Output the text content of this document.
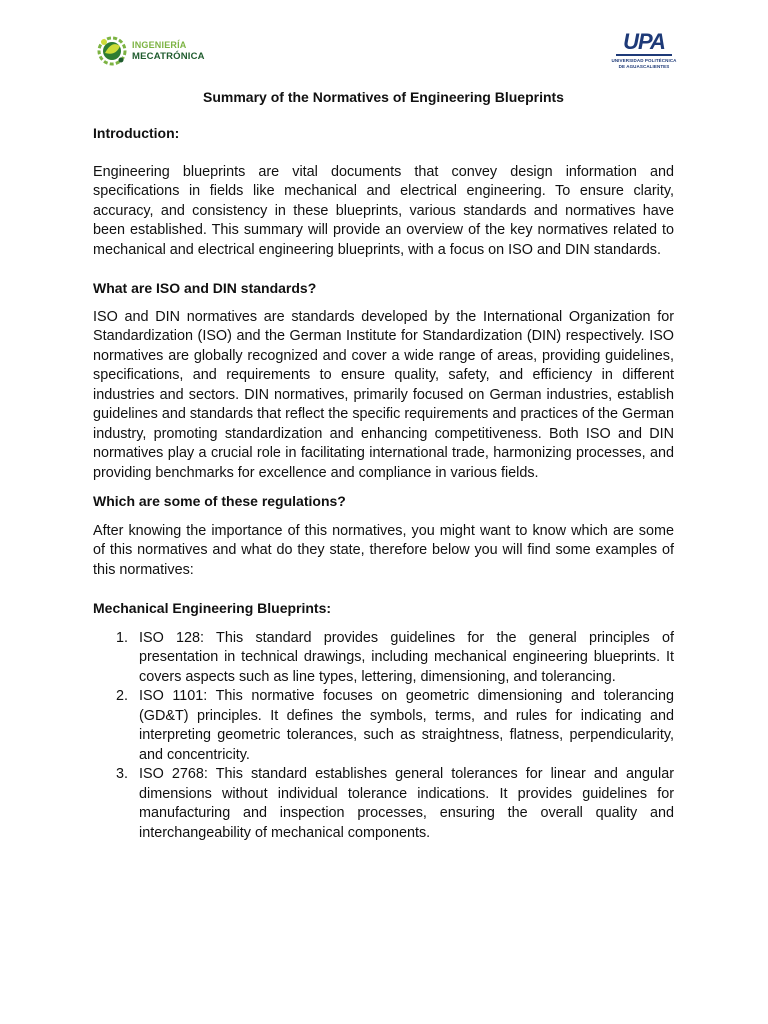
INGENIERÍA
MECATRÓNICA
UPA
UNIVERSIDAD POLITÉCNICA
DE AGUASCALIENTES
Summary of the Normatives of Engineering Blueprints
Introduction:

Engineering blueprints are vital documents that convey design information and specifications in fields like mechanical and electrical engineering. To ensure clarity, accuracy, and consistency in these blueprints, various standards and normatives have been established. This summary will provide an overview of the key normatives related to mechanical and electrical engineering blueprints, with a focus on ISO and DIN standards.

What are ISO and DIN standards?

ISO and DIN normatives are standards developed by the International Organization for Standardization (ISO) and the German Institute for Standardization (DIN) respectively. ISO normatives are globally recognized and cover a wide range of areas, providing guidelines, specifications, and requirements to ensure quality, safety, and efficiency in different industries and sectors. DIN normatives, primarily focused on German industries, establish guidelines and standards that reflect the specific requirements and practices of the German industry, promoting standardization and enhancing competitiveness. Both ISO and DIN normatives play a crucial role in facilitating international trade, harmonizing processes, and providing benchmarks for excellence and compliance in various fields.

Which are some of these regulations?

After knowing the importance of this normatives, you might want to know which are some of this normatives and what do they state, therefore below you will find some examples of this normatives:

Mechanical Engineering Blueprints:
1. ISO 128: This standard provides guidelines for the general principles of presentation in technical drawings, including mechanical engineering blueprints. It covers aspects such as line types, lettering, dimensioning, and tolerancing.
2. ISO 1101: This normative focuses on geometric dimensioning and tolerancing (GD&T) principles. It defines the symbols, terms, and rules for indicating and interpreting geometric tolerances, such as straightness, flatness, perpendicularity, and concentricity.
3. ISO 2768: This standard establishes general tolerances for linear and angular dimensions without individual tolerance indications. It provides guidelines for manufacturing and inspection processes, ensuring the overall quality and interchangeability of mechanical components.
